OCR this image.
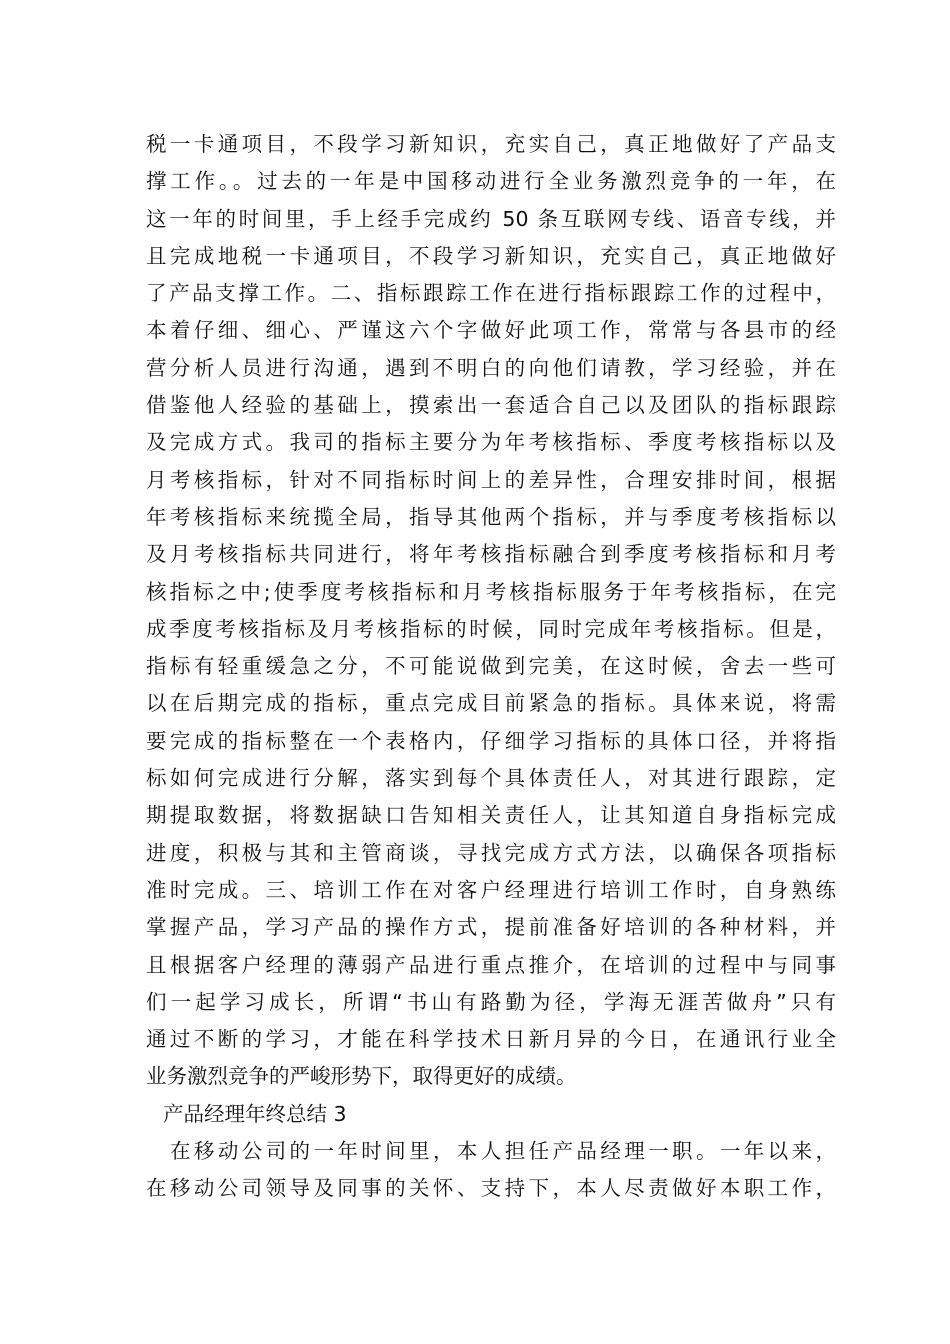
税一卡通项目，不段学习新知识，充实自己，真正地做好了产品支
撑工作。。过去的一年是中国移动进行全业务激烈竞争的一年，在
这一年的时间里，手上经手完成约 50 条互联网专线、语音专线，并
且完成地税一卡通项目，不段学习新知识，充实自己，真正地做好
了产品支撑工作。二、指标跟踪工作在进行指标跟踪工作的过程中，
本着仔细、细心、严谨这六个字做好此项工作，常常与各县市的经
营分析人员进行沟通，遇到不明白的向他们请教，学习经验，并在
借鉴他人经验的基础上，摸索出一套适合自己以及团队的指标跟踪
及完成方式。我司的指标主要分为年考核指标、季度考核指标以及
月考核指标，针对不同指标时间上的差异性，合理安排时间，根据
年考核指标来统揽全局，指导其他两个指标，并与季度考核指标以
及月考核指标共同进行，将年考核指标融合到季度考核指标和月考
核指标之中;使季度考核指标和月考核指标服务于年考核指标，在完
成季度考核指标及月考核指标的时候，同时完成年考核指标。但是，
指标有轻重缓急之分，不可能说做到完美，在这时候，舍去一些可
以在后期完成的指标，重点完成目前紧急的指标。具体来说，将需
要完成的指标整在一个表格内，仔细学习指标的具体口径，并将指
标如何完成进行分解，落实到每个具体责任人，对其进行跟踪，定
期提取数据，将数据缺口告知相关责任人，让其知道自身指标完成
进度，积极与其和主管商谈，寻找完成方式方法，以确保各项指标
准时完成。三、培训工作在对客户经理进行培训工作时，自身熟练
掌握产品，学习产品的操作方式，提前准备好培训的各种材料，并
且根据客户经理的薄弱产品进行重点推介，在培训的过程中与同事
们一起学习成长，所谓“书山有路勤为径，学海无涯苦做舟”只有
通过不断的学习，才能在科学技术日新月异的今日，在通讯行业全
业务激烈竞争的严峻形势下，取得更好的成绩。
产品经理年终总结 3
在移动公司的一年时间里，本人担任产品经理一职。一年以来，
在移动公司领导及同事的关怀、支持下，本人尽责做好本职工作，
